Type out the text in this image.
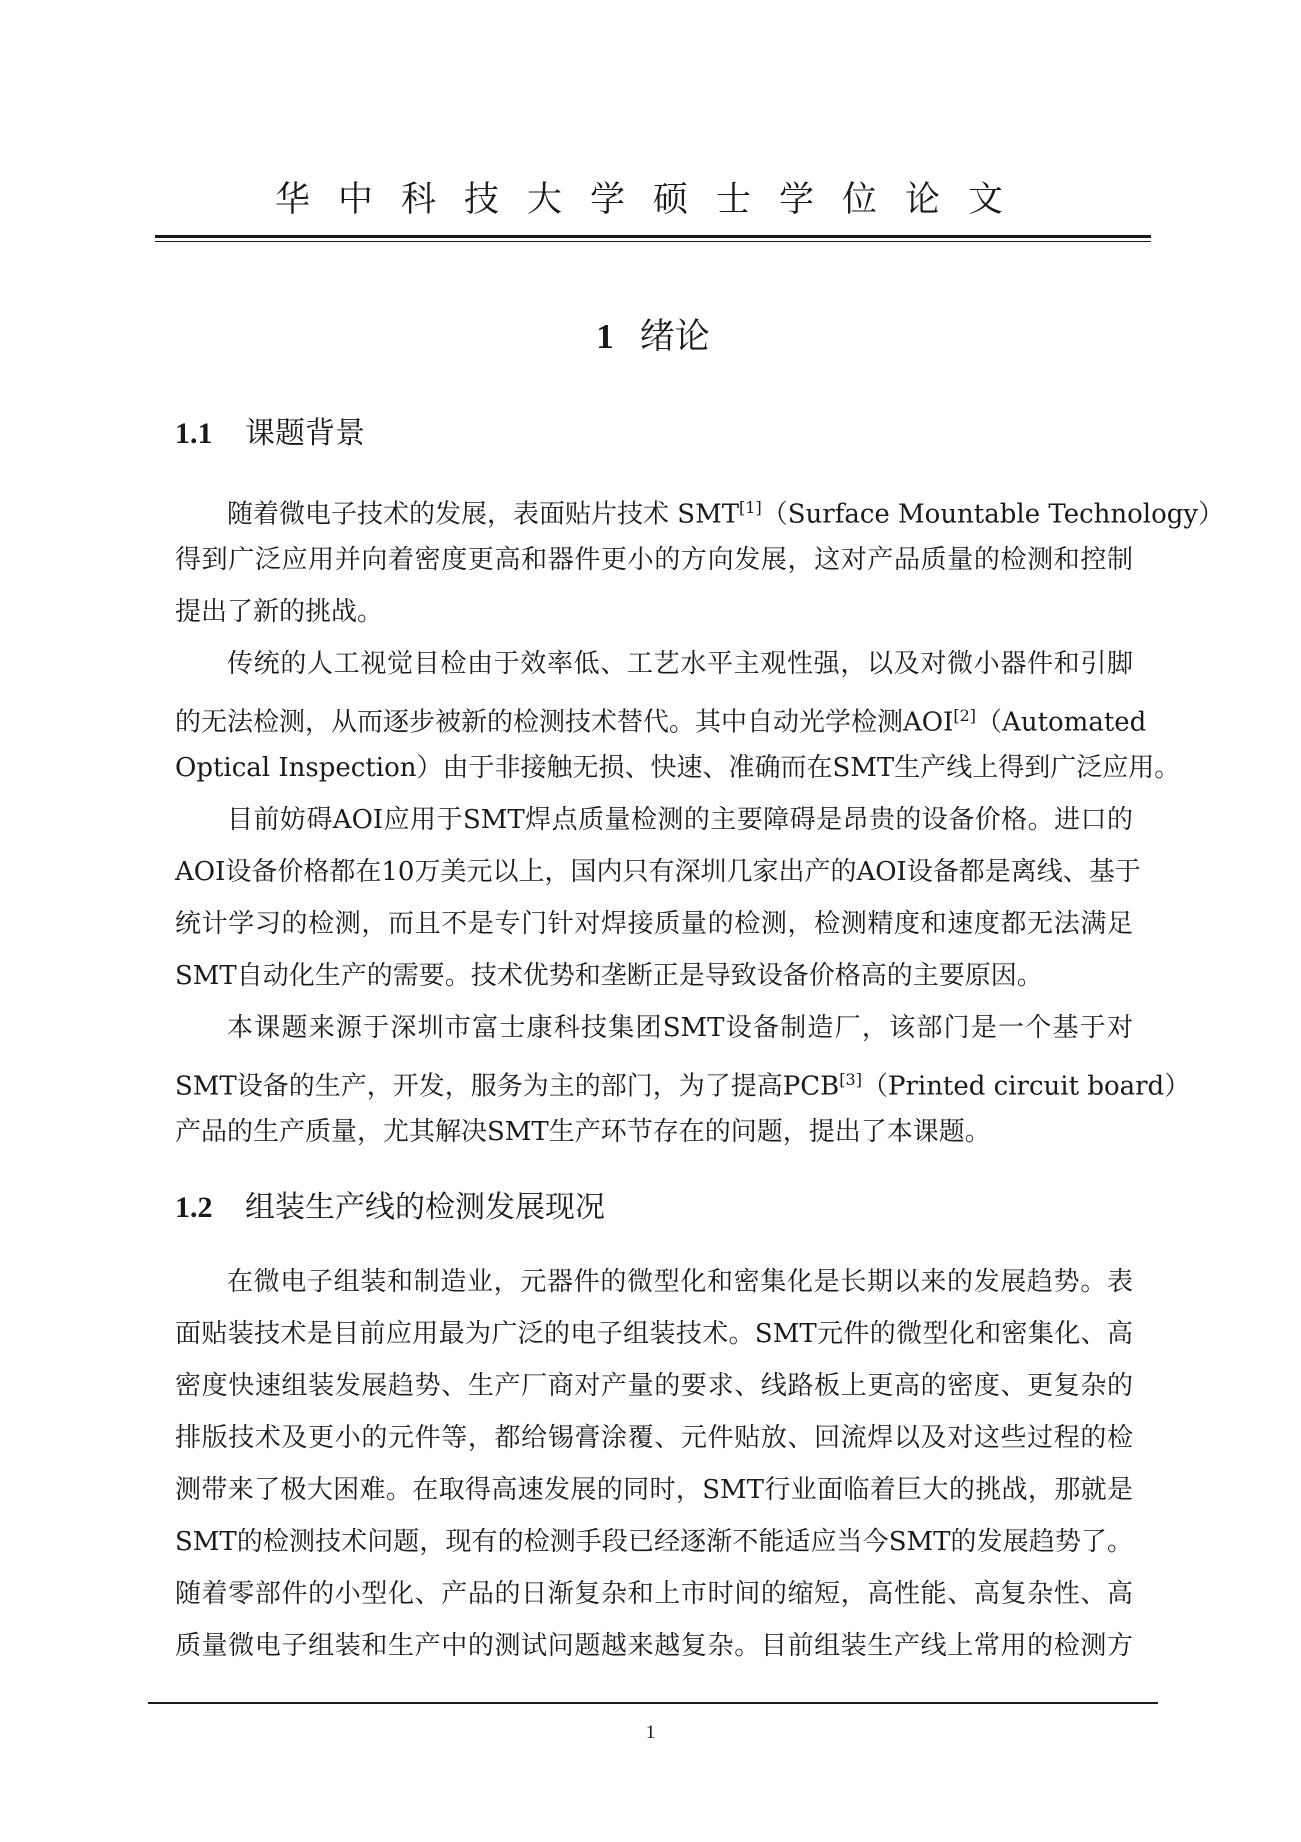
华中科技大学硕士学位论文
1 绪论
1.1 课题背景
随着微电子技术的发展，表面贴片技术 SMT[1]（Surface Mountable Technology）
得到广泛应用并向着密度更高和器件更小的方向发展，这对产品质量的检测和控制
提出了新的挑战。
传统的人工视觉目检由于效率低、工艺水平主观性强，以及对微小器件和引脚
的无法检测，从而逐步被新的检测技术替代。其中自动光学检测AOI[2]（Automated
Optical Inspection）由于非接触无损、快速、准确而在SMT生产线上得到广泛应用。
目前妨碍AOI应用于SMT焊点质量检测的主要障碍是昂贵的设备价格。进口的
AOI设备价格都在10万美元以上，国内只有深圳几家出产的AOI设备都是离线、基于
统计学习的检测，而且不是专门针对焊接质量的检测，检测精度和速度都无法满足
SMT自动化生产的需要。技术优势和垄断正是导致设备价格高的主要原因。
本课题来源于深圳市富士康科技集团SMT设备制造厂，该部门是一个基于对
SMT设备的生产，开发，服务为主的部门，为了提高PCB[3]（Printed circuit board）
产品的生产质量，尤其解决SMT生产环节存在的问题，提出了本课题。
1.2 组装生产线的检测发展现况
在微电子组装和制造业，元器件的微型化和密集化是长期以来的发展趋势。表
面贴装技术是目前应用最为广泛的电子组装技术。SMT元件的微型化和密集化、高
密度快速组装发展趋势、生产厂商对产量的要求、线路板上更高的密度、更复杂的
排版技术及更小的元件等，都给锡膏涂覆、元件贴放、回流焊以及对这些过程的检
测带来了极大困难。在取得高速发展的同时，SMT行业面临着巨大的挑战，那就是
SMT的检测技术问题，现有的检测手段已经逐渐不能适应当今SMT的发展趋势了。
随着零部件的小型化、产品的日渐复杂和上市时间的缩短，高性能、高复杂性、高
质量微电子组装和生产中的测试问题越来越复杂。目前组装生产线上常用的检测方
1
